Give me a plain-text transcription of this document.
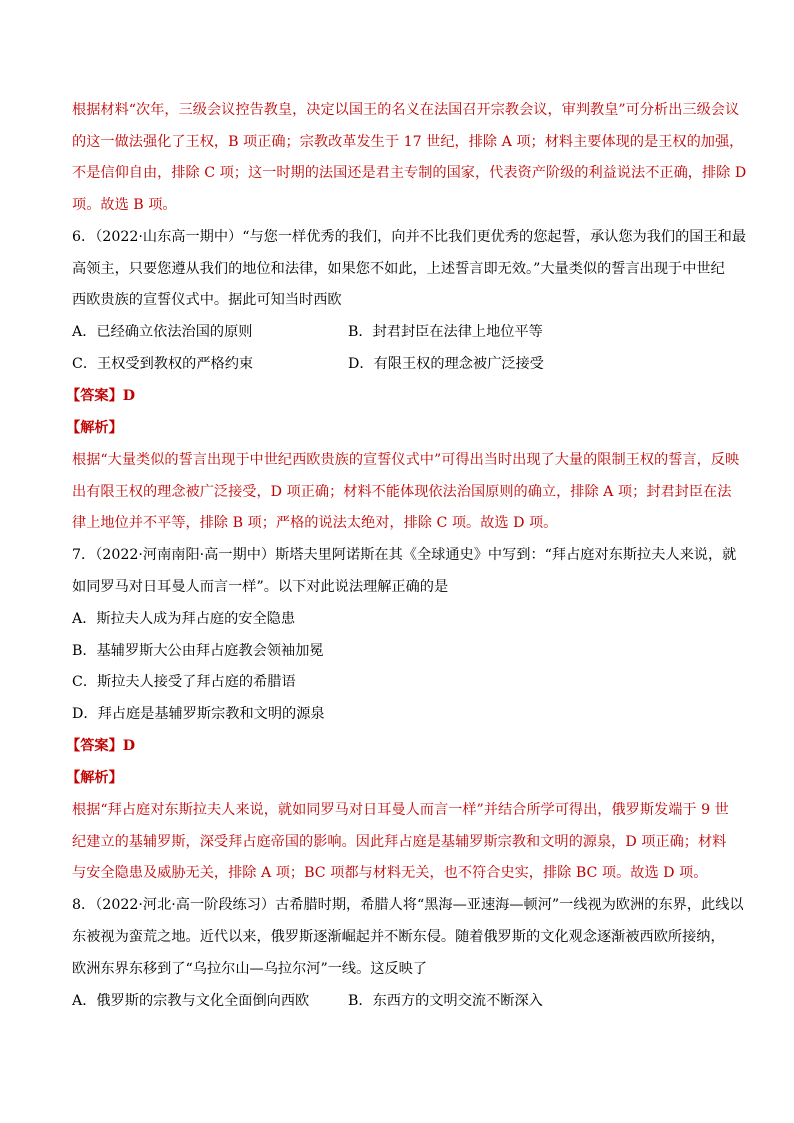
根据材料“次年，三级会议控告教皇，决定以国王的名义在法国召开宗教会议，审判教皇”可分析出三级会议
的这一做法强化了王权，B 项正确；宗教改革发生于 17 世纪，排除 A 项；材料主要体现的是王权的加强，
不是信仰自由，排除 C 项；这一时期的法国还是君主专制的国家，代表资产阶级的利益说法不正确，排除 D
项。故选 B 项。
6．（2022·山东高一期中）“与您一样优秀的我们，向并不比我们更优秀的您起誓，承认您为我们的国王和最
高领主，只要您遵从我们的地位和法律，如果您不如此，上述誓言即无效。”大量类似的誓言出现于中世纪
西欧贵族的宣誓仪式中。据此可知当时西欧
A．已经确立依法治国的原则	B．封君封臣在法律上地位平等
C．王权受到教权的严格约束	D．有限王权的理念被广泛接受
【答案】D
【解析】
根据“大量类似的誓言出现于中世纪西欧贵族的宣誓仪式中”可得出当时出现了大量的限制王权的誓言，反映
出有限王权的理念被广泛接受，D 项正确；材料不能体现依法治国原则的确立，排除 A 项；封君封臣在法
律上地位并不平等，排除 B 项；严格的说法太绝对，排除 C 项。故选 D 项。
7．（2022·河南南阳·高一期中）斯塔夫里阿诺斯在其《全球通史》中写到：“拜占庭对东斯拉夫人来说，就
如同罗马对日耳曼人而言一样”。以下对此说法理解正确的是
A．斯拉夫人成为拜占庭的安全隐患
B．基辅罗斯大公由拜占庭教会领袖加冕
C．斯拉夫人接受了拜占庭的希腊语
D．拜占庭是基辅罗斯宗教和文明的源泉
【答案】D
【解析】
根据“拜占庭对东斯拉夫人来说，就如同罗马对日耳曼人而言一样”并结合所学可得出，俄罗斯发端于 9 世
纪建立的基辅罗斯，深受拜占庭帝国的影响。因此拜占庭是基辅罗斯宗教和文明的源泉，D 项正确；材料
与安全隐患及威胁无关，排除 A 项；BC 项都与材料无关，也不符合史实，排除 BC 项。故选 D 项。
8．（2022·河北·高一阶段练习）古希腊时期，希腊人将“黑海—亚速海—顿河”一线视为欧洲的东界，此线以
东被视为蛮荒之地。近代以来，俄罗斯逐渐崛起并不断东侵。随着俄罗斯的文化观念逐渐被西欧所接纳，
欧洲东界东移到了“乌拉尔山—乌拉尔河”一线。这反映了
A．俄罗斯的宗教与文化全面倒向西欧	B．东西方的文明交流不断深入
